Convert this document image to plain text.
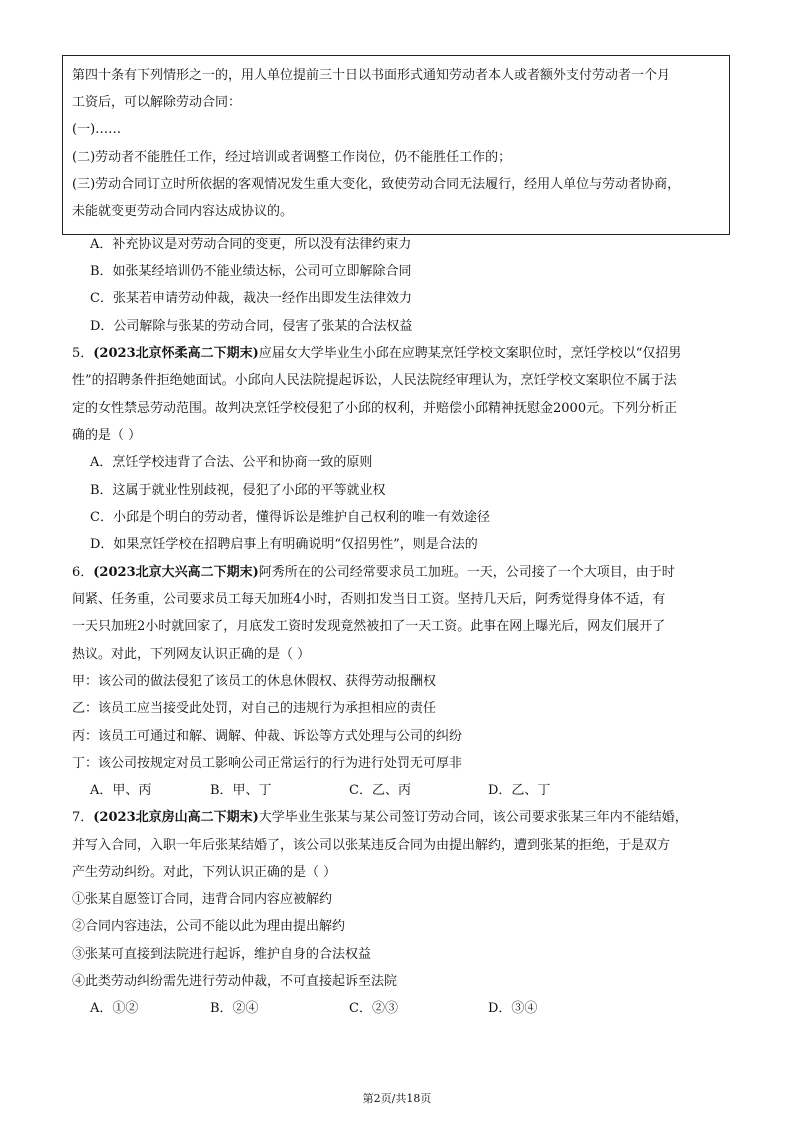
第四十条有下列情形之一的，用人单位提前三十日以书面形式通知劳动者本人或者额外支付劳动者一个月
工资后，可以解除劳动合同：
(一)……
(二)劳动者不能胜任工作，经过培训或者调整工作岗位，仍不能胜任工作的；
(三)劳动合同订立时所依据的客观情况发生重大变化，致使劳动合同无法履行，经用人单位与劳动者协商，
未能就变更劳动合同内容达成协议的。
A．补充协议是对劳动合同的变更，所以没有法律约束力
B．如张某经培训仍不能业绩达标，公司可立即解除合同
C．张某若申请劳动仲裁，裁决一经作出即发生法律效力
D．公司解除与张某的劳动合同，侵害了张某的合法权益
5．(2023北京怀柔高二下期末)应届女大学毕业生小邱在应聘某烹饪学校文案职位时，烹饪学校以“仅招男
性”的招聘条件拒绝她面试。小邱向人民法院提起诉讼，人民法院经审理认为，烹饪学校文案职位不属于法
定的女性禁忌劳动范围。故判决烹饪学校侵犯了小邱的权利，并赔偿小邱精神抚慰金2000元。下列分析正
确的是（ ）
A．烹饪学校违背了合法、公平和协商一致的原则
B．这属于就业性别歧视，侵犯了小邱的平等就业权
C．小邱是个明白的劳动者，懂得诉讼是维护自己权利的唯一有效途径
D．如果烹饪学校在招聘启事上有明确说明“仅招男性”，则是合法的
6．(2023北京大兴高二下期末)阿秀所在的公司经常要求员工加班。一天，公司接了一个大项目，由于时
间紧、任务重，公司要求员工每天加班4小时，否则扣发当日工资。坚持几天后，阿秀觉得身体不适，有
一天只加班2小时就回家了，月底发工资时发现竟然被扣了一天工资。此事在网上曝光后，网友们展开了
热议。对此，下列网友认识正确的是（ ）
甲：该公司的做法侵犯了该员工的休息休假权、获得劳动报酬权
乙：该员工应当接受此处罚，对自己的违规行为承担相应的责任
丙：该员工可通过和解、调解、仲裁、诉讼等方式处理与公司的纠纷
丁：该公司按规定对员工影响公司正常运行的行为进行处罚无可厚非
A．甲、丙	B．甲、丁	C．乙、丙	D．乙、丁
7．(2023北京房山高二下期末)大学毕业生张某与某公司签订劳动合同，该公司要求张某三年内不能结婚，
并写入合同，入职一年后张某结婚了，该公司以张某违反合同为由提出解约，遭到张某的拒绝，于是双方
产生劳动纠纷。对此，下列认识正确的是（ ）
①张某自愿签订合同，违背合同内容应被解约
②合同内容违法，公司不能以此为理由提出解约
③张某可直接到法院进行起诉，维护自身的合法权益
④此类劳动纠纷需先进行劳动仲裁，不可直接起诉至法院
A．①②	B．②④	C．②③	D．③④
第2页/共18页
